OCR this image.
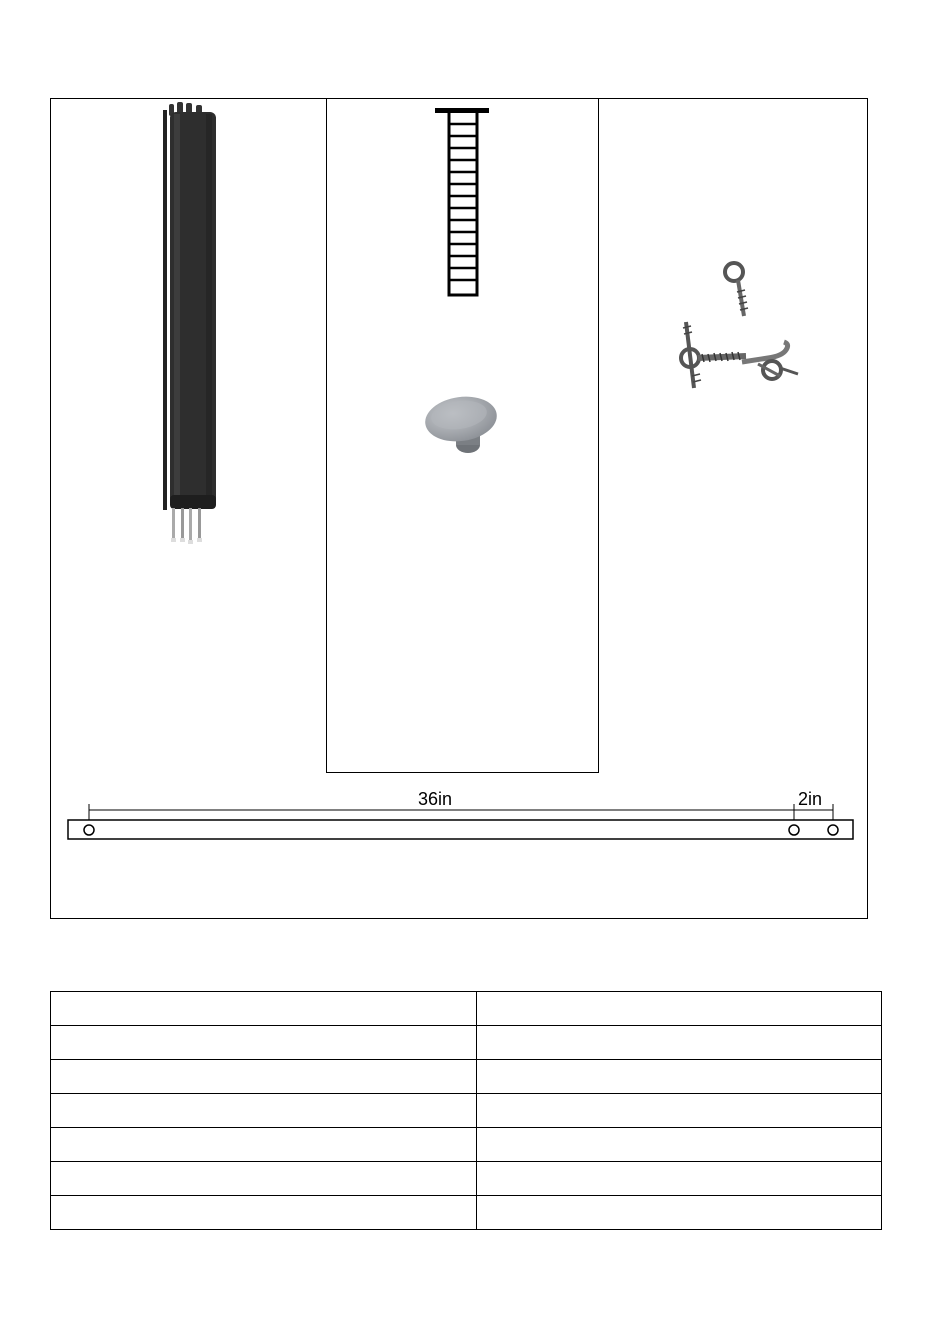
36in	2in
